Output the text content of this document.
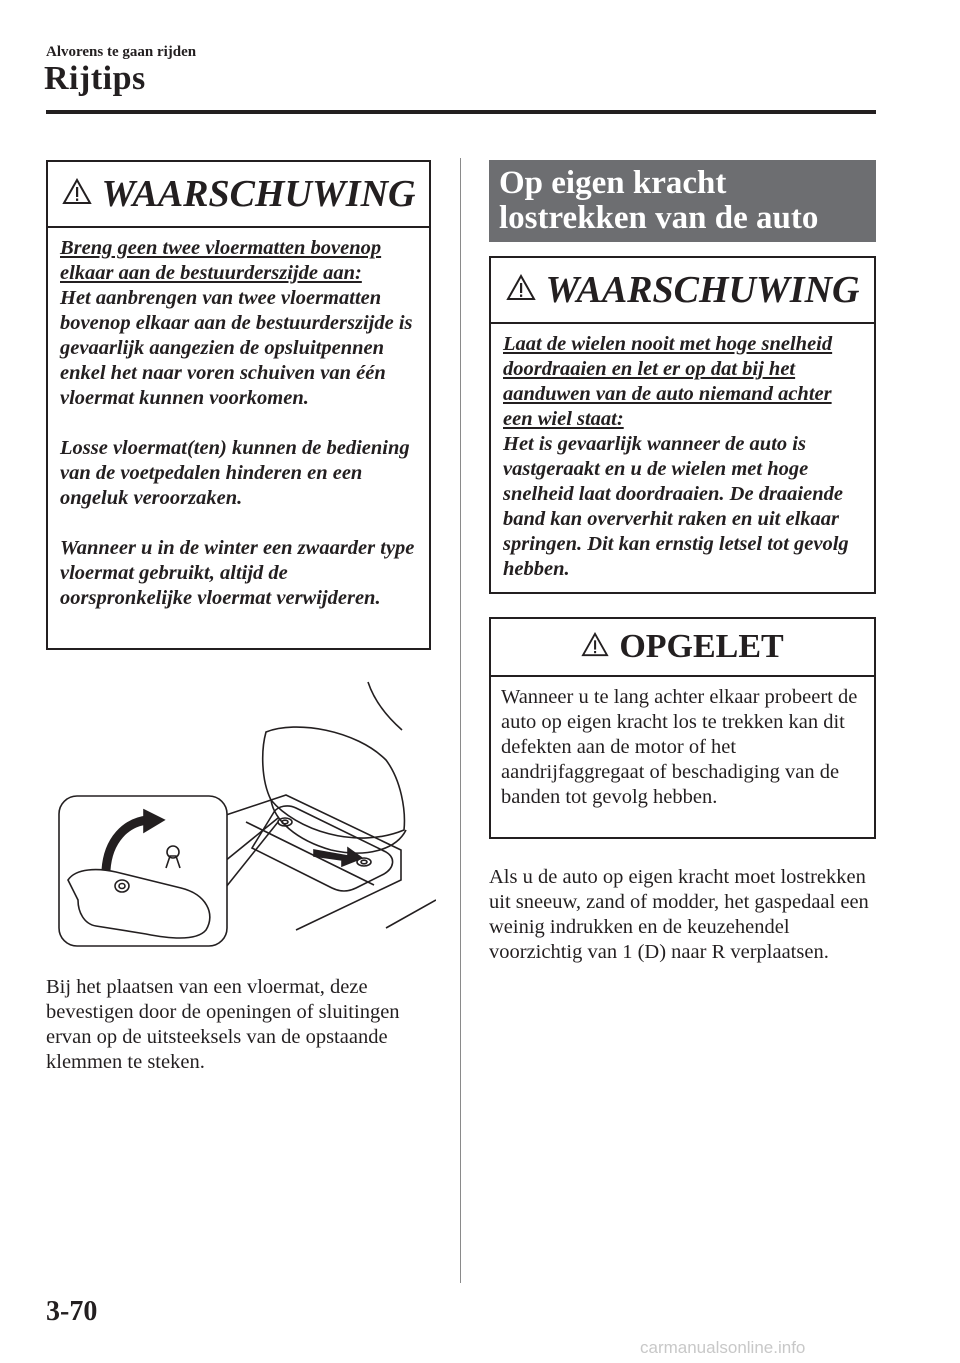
Alvorens te gaan rijden
Rijtips
WAARSCHUWING

Breng geen twee vloermatten bovenop elkaar aan de bestuurderszijde aan:
Het aanbrengen van twee vloermatten bovenop elkaar aan de bestuurderszijde is gevaarlijk aangezien de opsluitpennen enkel het naar voren schuiven van één vloermat kunnen voorkomen.

Losse vloermat(ten) kunnen de bediening van de voetpedalen hinderen en een ongeluk veroorzaken.

Wanneer u in de winter een zwaarder type vloermat gebruikt, altijd de oorspronkelijke vloermat verwijderen.

Bij het plaatsen van een vloermat, deze bevestigen door de openingen of sluitingen ervan op de uitsteeksels van de opstaande klemmen te steken.
Op eigen kracht lostrekken van de auto
WAARSCHUWING

Laat de wielen nooit met hoge snelheid doordraaien en let er op dat bij het aanduwen van de auto niemand achter een wiel staat:
Het is gevaarlijk wanneer de auto is vastgeraakt en u de wielen met hoge snelheid laat doordraaien. De draaiende band kan oververhit raken en uit elkaar springen. Dit kan ernstig letsel tot gevolg hebben.

OPGELET
Wanneer u te lang achter elkaar probeert de auto op eigen kracht los te trekken kan dit defekten aan de motor of het aandrijfaggregaat of beschadiging van de banden tot gevolg hebben.
Als u de auto op eigen kracht moet lostrekken uit sneeuw, zand of modder, het gaspedaal een weinig indrukken en de keuzehendel voorzichtig van 1 (D) naar R verplaatsen.
3-70
carmanualsonline.info
